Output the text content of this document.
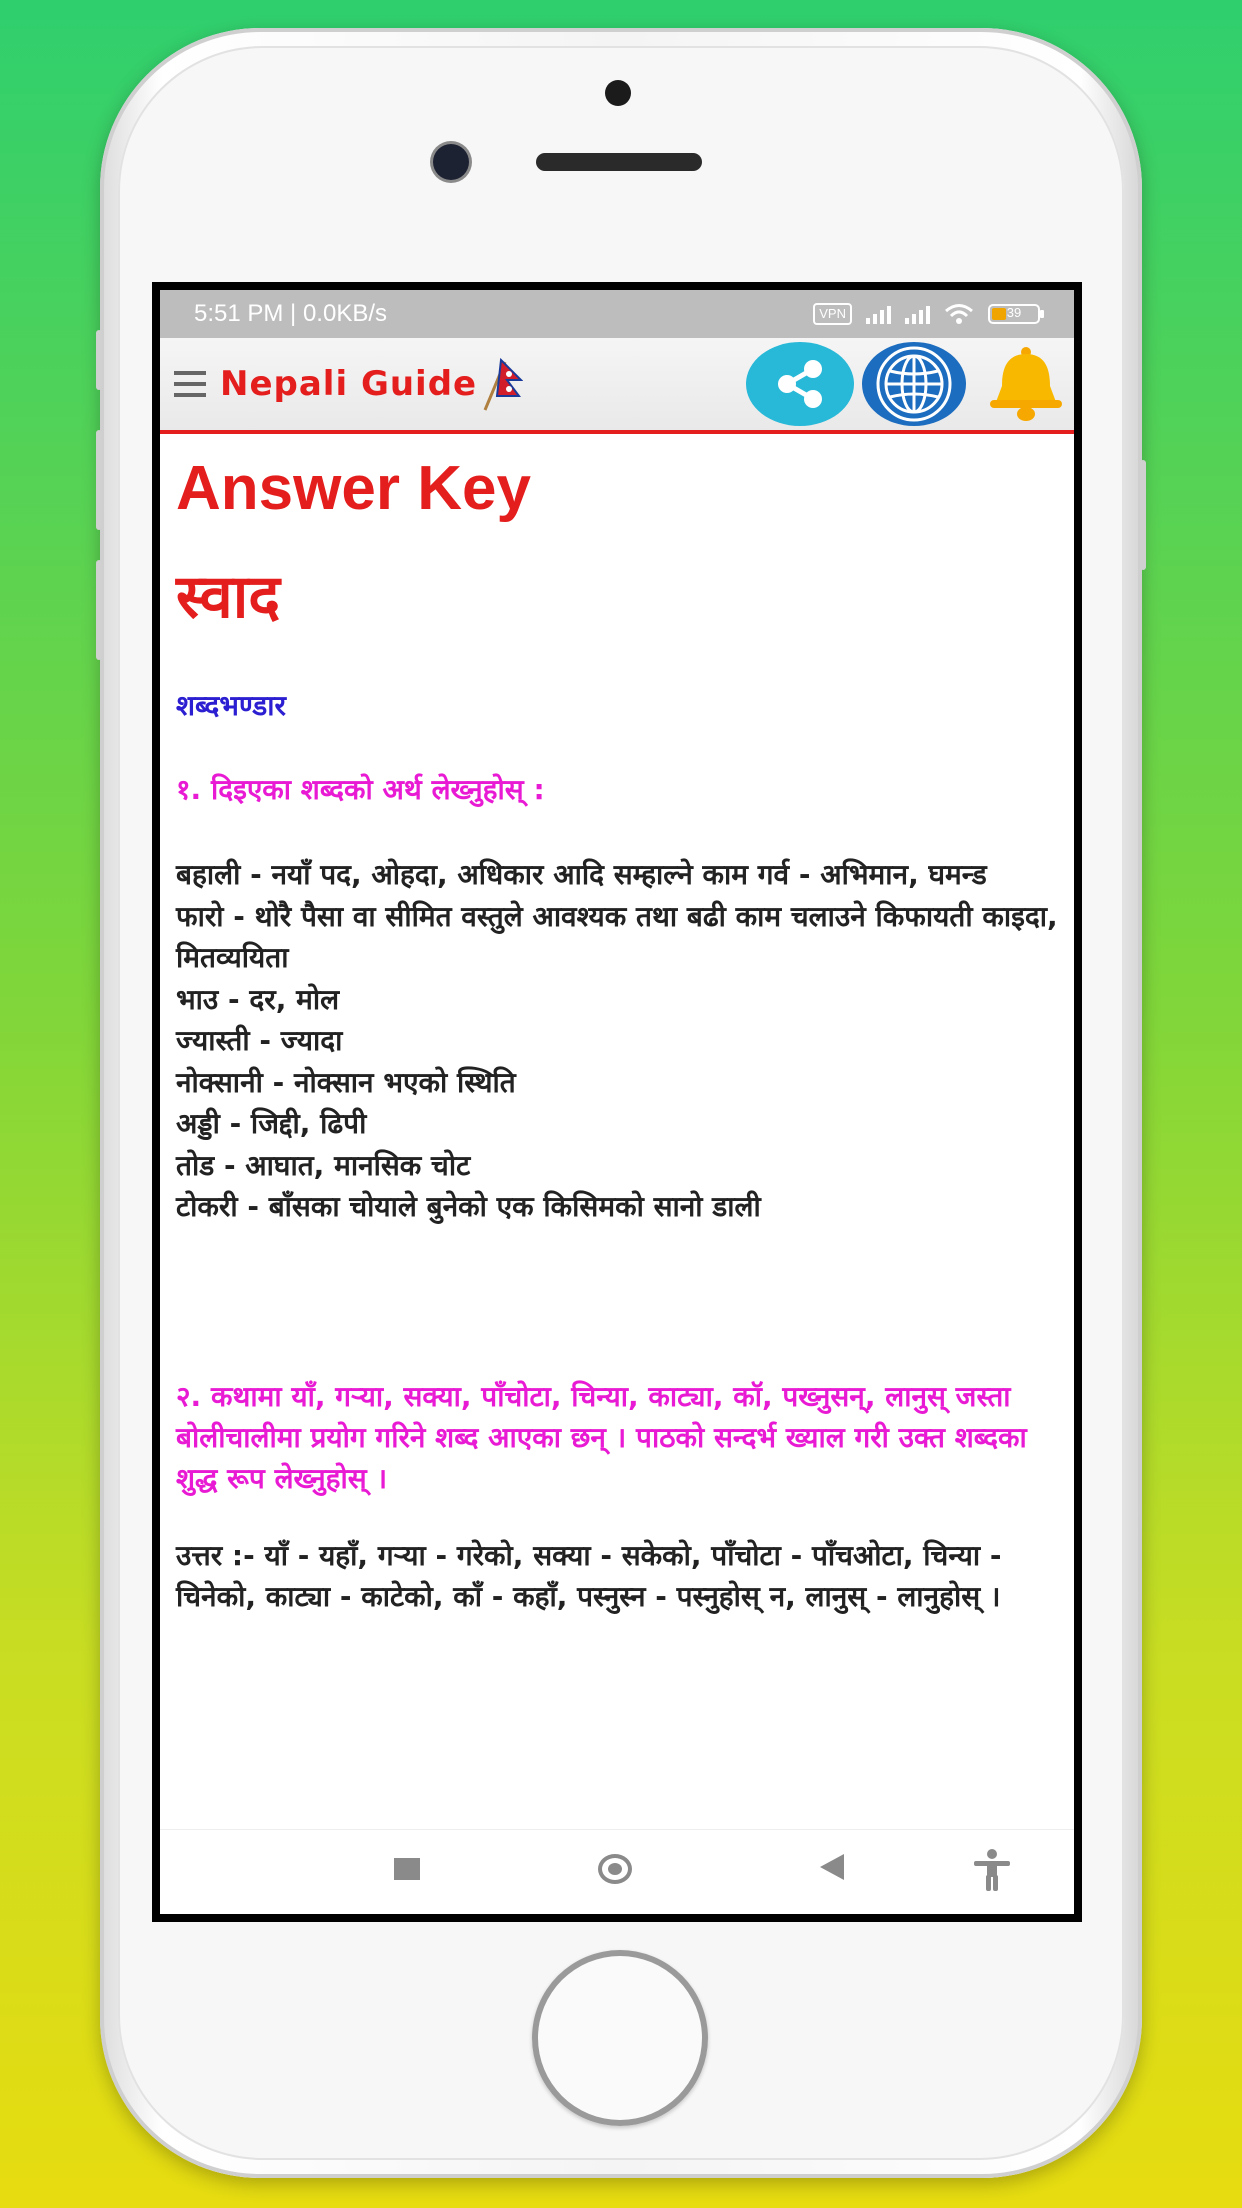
5:51 PM | 0.0KB/s	VPN	39
Nepali Guide
Answer Key
स्वाद
शब्दभण्डार
१. दिइएका शब्दको अर्थ लेख्नुहोस् :
बहाली - नयाँ पद, ओहदा, अधिकार आदि सम्हाल्ने काम गर्व - अभिमान, घमन्ड
फारो - थोरै पैसा वा सीमित वस्तुले आवश्यक तथा बढी काम चलाउने किफायती काइदा, मितव्ययिता
भाउ - दर, मोल
ज्यास्ती - ज्यादा
नोक्सानी - नोक्सान भएको स्थिति
अड्डी - जिद्दी, ढिपी
तोड - आघात, मानसिक चोट
टोकरी - बाँसका चोयाले बुनेको एक किसिमको सानो डाली
२. कथामा याँ, गऱ्या, सक्या, पाँचोटा, चिन्या, काट्या, कॉ, पख्नुसन्, लानुस् जस्ता बोलीचालीमा प्रयोग गरिने शब्द आएका छन् । पाठको सन्दर्भ ख्याल गरी उक्त शब्दका शुद्ध रूप लेख्नुहोस् ।
उत्तर :- याँ - यहाँ, गऱ्या - गरेको, सक्या - सकेको, पाँचोटा - पाँचओटा, चिन्या - चिनेको, काट्या - काटेको, काँ - कहाँ, पस्नुस्न - पस्नुहोस् न, लानुस् - लानुहोस् ।
